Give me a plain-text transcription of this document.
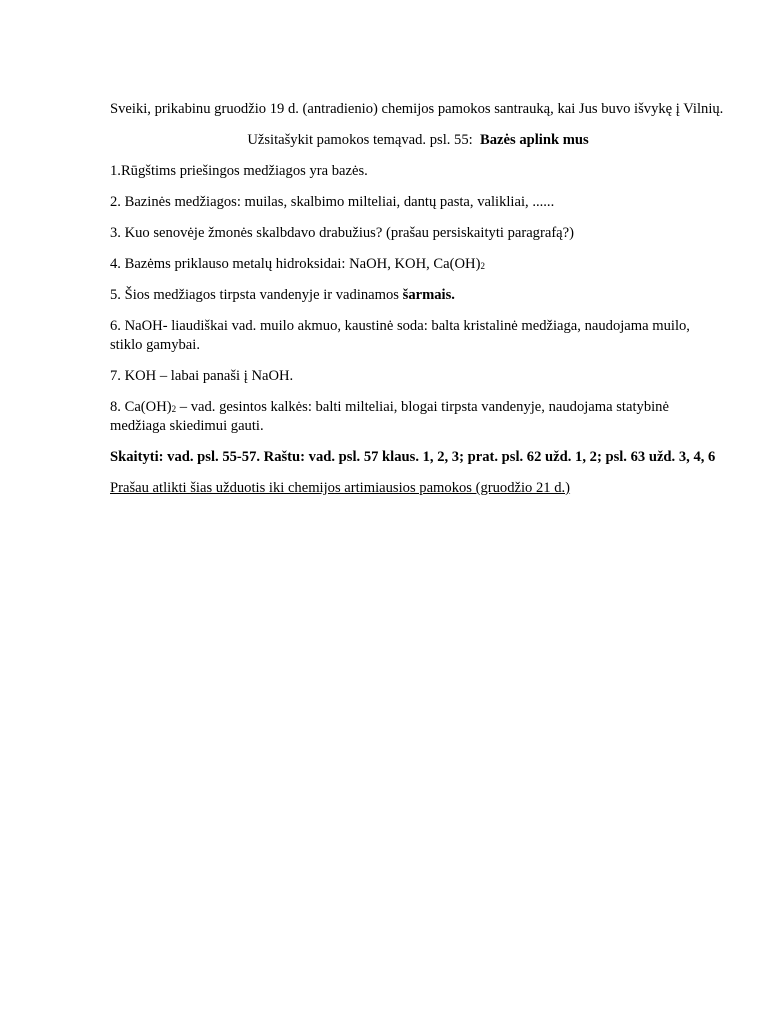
Sveiki, prikabinu gruodžio 19 d. (antradienio) chemijos pamokos santrauką, kai Jus buvo išvykę į Vilnių.

Užsitašykit pamokos temąvad. psl. 55: Bazės aplink mus

1.Rūgštims priešingos medžiagos yra bazės.

2. Bazinės medžiagos: muilas, skalbimo milteliai, dantų pasta, valikliai, ......

3. Kuo senovėje žmonės skalbdavo drabužius? (prašau persiskaityti paragrafą?)

4. Bazėms priklauso metalų hidroksidai: NaOH, KOH, $Ca(OH)_2$

5. Šios medžiagos tirpsta vandenyje ir vadinamos šarmais.

6. NaOH- liaudiškai vad. muilo akmuo, kaustinė soda: balta kristalinė medžiaga, naudojama muilo, stiklo gamybai.

7. KOH – labai panaši į NaOH.

8. $Ca(OH)_2$ – vad. gesintos kalkės: balti milteliai, blogai tirpsta vandenyje, naudojama statybinė medžiaga skiedimui gauti.

Skaityti: vad. psl. 55-57. Raštu: vad. psl. 57 klaus. 1, 2, 3; prat. psl. 62 užd. 1, 2; psl. 63 užd. 3, 4, 6

Prašau atlikti šias užduotis iki chemijos artimiausios pamokos (gruodžio 21 d.)
